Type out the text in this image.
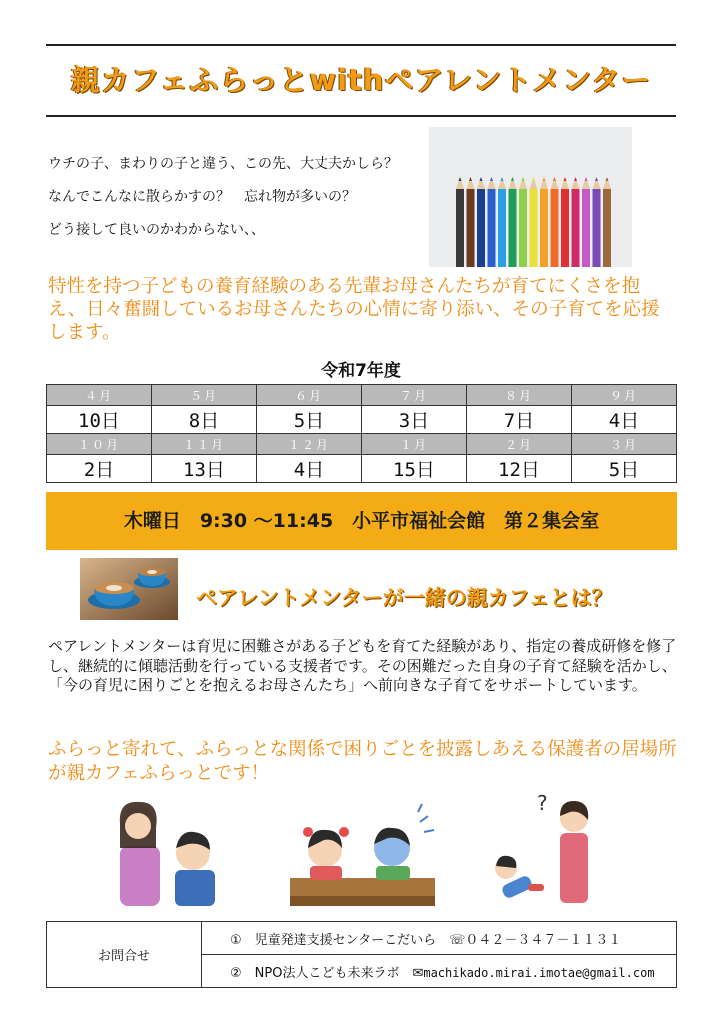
親カフェふらっとwithペアレントメンター
ウチの子、まわりの子と違う、この先、大丈夫かしら？
なんでこんなに散らかすの？　忘れ物が多いの？
どう接して良いのかわからない、、
特性を持つ子どもの養育経験のある先輩お母さんたちが育てにくさを抱え、日々奮闘しているお母さんたちの心情に寄り添い、その子育てを応援します。
令和7年度
４月	５月	６月	７月	８月	９月
10日	8日	5日	3日	7日	4日
１０月	１１月	１２月	１月	２月	３月
2日	13日	4日	15日	12日	5日
木曜日　9:30 ～11:45　小平市福祉会館　第２集会室
ペアレントメンターが一緒の親カフェとは？
ペアレントメンターは育児に困難さがある子どもを育てた経験があり、指定の養成研修を修了し、継続的に傾聴活動を行っている支援者です。その困難だった自身の子育て経験を活かし、「今の育児に困りごとを抱えるお母さんたち」へ前向きな子育てをサポートしています。
ふらっと寄れて、ふらっとな関係で困りごとを披露しあえる保護者の居場所が親カフェふらっとです！
?
お問合せ	①　児童発達支援センターこだいら　☏０４２－３４７－１１３１
②　NPO法人こども未来ラボ　✉machikado.mirai.imotae@gmail.com
